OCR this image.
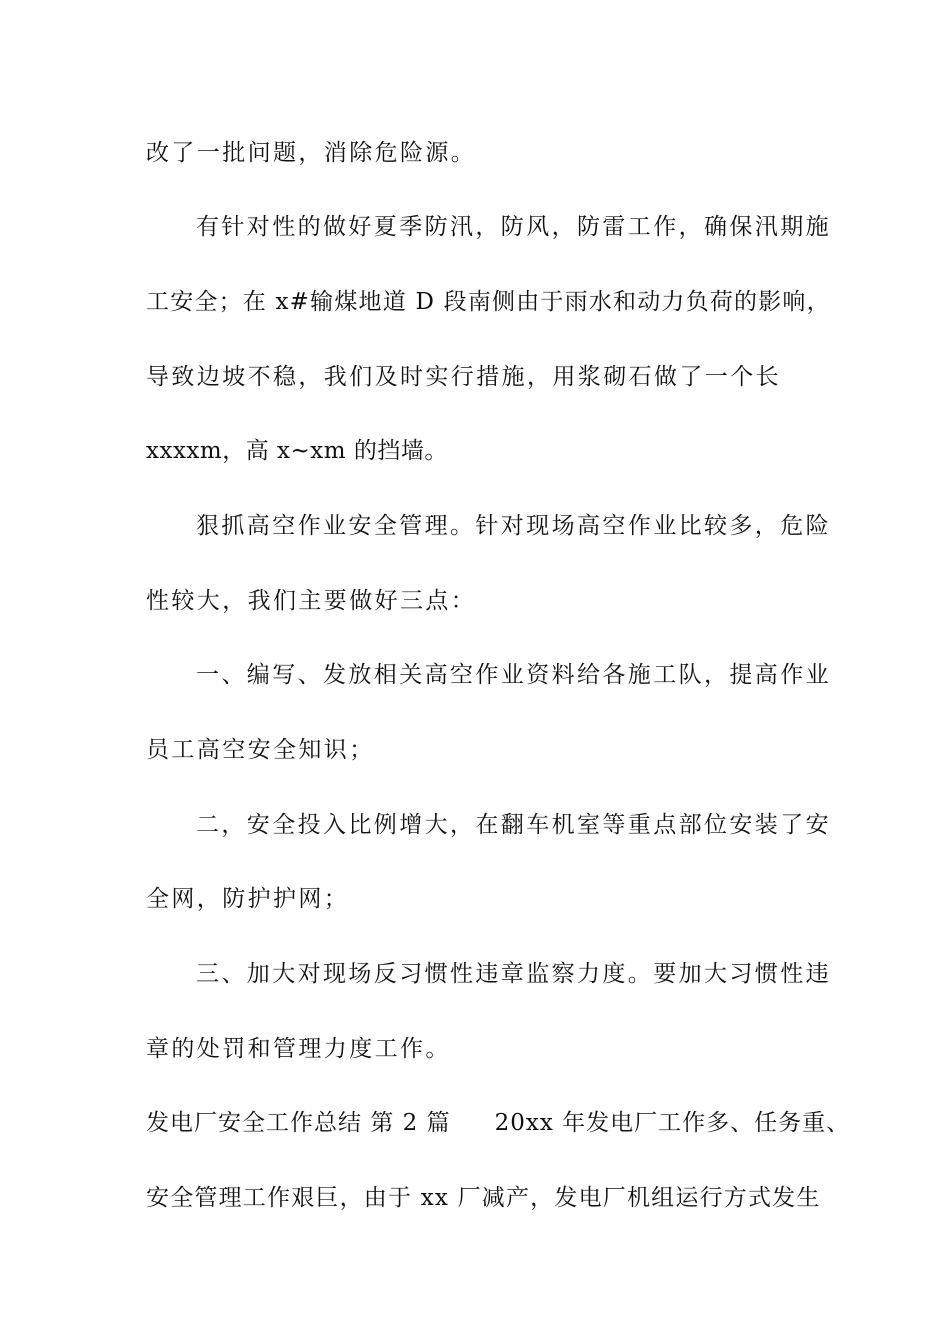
改了一批问题，消除危险源。
有针对性的做好夏季防汛，防风，防雷工作，确保汛期施
工安全；在 x#输煤地道 D 段南侧由于雨水和动力负荷的影响，
导致边坡不稳，我们及时实行措施，用浆砌石做了一个长
xxxxm，高 x~xm 的挡墙。
狠抓高空作业安全管理。针对现场高空作业比较多，危险
性较大，我们主要做好三点：
一、编写、发放相关高空作业资料给各施工队，提高作业
员工高空安全知识；
二，安全投入比例增大，在翻车机室等重点部位安装了安
全网，防护护网；
三、加大对现场反习惯性违章监察力度。要加大习惯性违
章的处罚和管理力度工作。
发电厂安全工作总结 第 2 篇 20xx 年发电厂工作多、任务重、
安全管理工作艰巨，由于 xx 厂减产，发电厂机组运行方式发生
